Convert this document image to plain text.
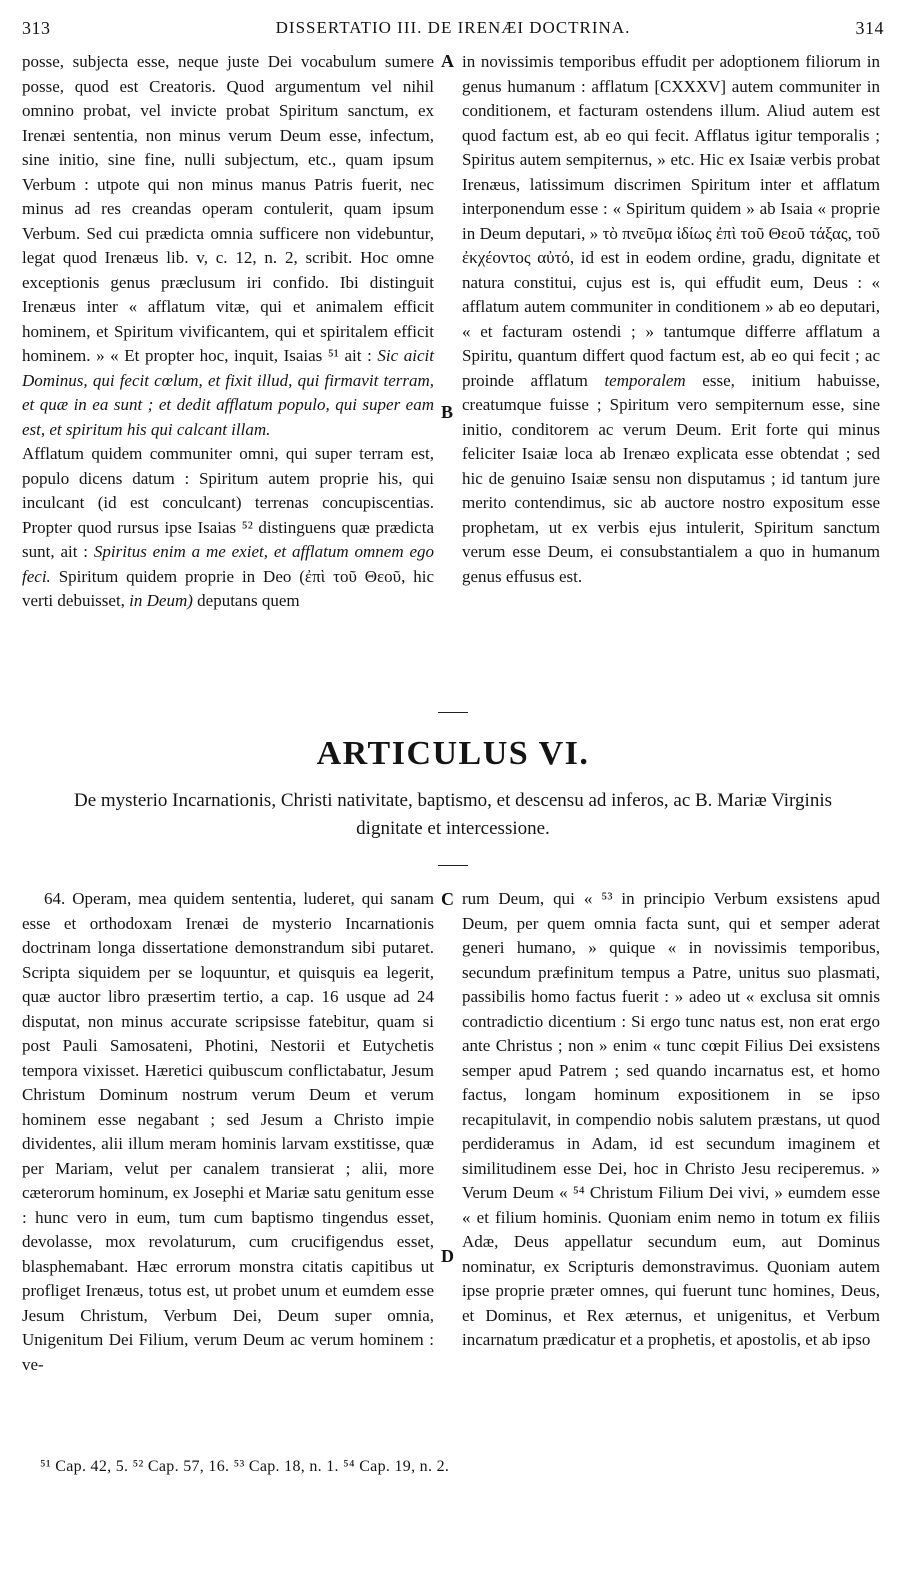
313	DISSERTATIO III. DE IRENÆI DOCTRINA.	314
A
B
C
D

posse, subjecta esse, neque juste Dei vocabulum sumere posse, quod est Creatoris. Quod argumentum vel nihil omnino probat, vel invicte probat Spiritum sanctum, ex Irenæi sententia, non minus verum Deum esse, infectum, sine initio, sine fine, nulli subjectum, etc., quam ipsum Verbum : utpote qui non minus manus Patris fuerit, nec minus ad res creandas operam contulerit, quam ipsum Verbum. Sed cui prædicta omnia sufficere non videbuntur, legat quod Irenæus lib. v, c. 12, n. 2, scribit. Hoc omne exceptionis genus præclusum iri confido. Ibi distinguit Irenæus inter « afflatum vitæ, qui et animalem efficit hominem, et Spiritum vivificantem, qui et spiritalem efficit hominem. » « Et propter hoc, inquit, Isaias ⁵¹ ait : Sic aicit Dominus, qui fecit cœlum, et fixit illud, qui firmavit terram, et quæ in ea sunt ; et dedit afflatum populo, qui super eam est, et spiritum his qui calcant illam.

Afflatum quidem communiter omni, qui super terram est, populo dicens datum : Spiritum autem proprie his, qui inculcant (id est conculcant) terrenas concupiscentias. Propter quod rursus ipse Isaias ⁵² distinguens quæ prædicta sunt, ait : Spiritus enim a me exiet, et afflatum omnem ego feci. Spiritum quidem proprie in Deo (ἐπὶ τοῦ Θεοῦ, hic verti debuisset, in Deum) deputans quem

in novissimis temporibus effudit per adoptionem filiorum in genus humanum : afflatum [CXXXV] autem communiter in conditionem, et facturam ostendens illum. Aliud autem est quod factum est, ab eo qui fecit. Afflatus igitur temporalis ; Spiritus autem sempiternus, » etc. Hic ex Isaiæ verbis probat Irenæus, latissimum discrimen Spiritum inter et afflatum interponendum esse : « Spiritum quidem » ab Isaia « proprie in Deum deputari, » τὸ πνεῦμα ἰδίως ἐπὶ τοῦ Θεοῦ τάξας, τοῦ ἐκχέοντος αὐτό, id est in eodem ordine, gradu, dignitate et natura constitui, cujus est is, qui effudit eum, Deus : « afflatum autem communiter in conditionem » ab eo deputari, « et facturam ostendi ; » tantumque differre afflatum a Spiritu, quantum differt quod factum est, ab eo qui fecit ; ac proinde afflatum temporalem esse, initium habuisse, creatumque fuisse ; Spiritum vero sempiternum esse, sine initio, conditorem ac verum Deum. Erit forte qui minus feliciter Isaiæ loca ab Irenæo explicata esse obtendat ; sed hic de genuino Isaiæ sensu non disputamus ; id tantum jure merito contendimus, sic ab auctore nostro expositum esse prophetam, ut ex verbis ejus intulerit, Spiritum sanctum verum esse Deum, ei consubstantialem a quo in humanum genus effusus est.

ARTICULUS VI.
De mysterio Incarnationis, Christi nativitate, baptismo, et descensu ad inferos, ac B. Mariæ Virginis dignitate et intercessione.

64. Operam, mea quidem sententia, luderet, qui sanam esse et orthodoxam Irenæi de mysterio Incarnationis doctrinam longa dissertatione demonstrandum sibi putaret. Scripta siquidem per se loquuntur, et quisquis ea legerit, quæ auctor libro præsertim tertio, a cap. 16 usque ad 24 disputat, non minus accurate scripsisse fatebitur, quam si post Pauli Samosateni, Photini, Nestorii et Eutychetis tempora vixisset. Hæretici quibuscum conflictabatur, Jesum Christum Dominum nostrum verum Deum et verum hominem esse negabant ; sed Jesum a Christo impie dividentes, alii illum meram hominis larvam exstitisse, quæ per Mariam, velut per canalem transierat ; alii, more cæterorum hominum, ex Josephi et Mariæ satu genitum esse : hunc vero in eum, tum cum baptismo tingendus esset, devolasse, mox revolaturum, cum crucifigendus esset, blasphemabant. Hæc errorum monstra citatis capitibus ut profliget Irenæus, totus est, ut probet unum et eumdem esse Jesum Christum, Verbum Dei, Deum super omnia, Unigenitum Dei Filium, verum Deum ac verum hominem : ve-

rum Deum, qui « ⁵³ in principio Verbum exsistens apud Deum, per quem omnia facta sunt, qui et semper aderat generi humano, » quique « in novissimis temporibus, secundum præfinitum tempus a Patre, unitus suo plasmati, passibilis homo factus fuerit : » adeo ut « exclusa sit omnis contradictio dicentium : Si ergo tunc natus est, non erat ergo ante Christus ; non » enim « tunc cœpit Filius Dei exsistens semper apud Patrem ; sed quando incarnatus est, et homo factus, longam hominum expositionem in se ipso recapitulavit, in compendio nobis salutem præstans, ut quod perdideramus in Adam, id est secundum imaginem et similitudinem esse Dei, hoc in Christo Jesu reciperemus. » Verum Deum « ⁵⁴ Christum Filium Dei vivi, » eumdem esse « et filium hominis. Quoniam enim nemo in totum ex filiis Adæ, Deus appellatur secundum eum, aut Dominus nominatur, ex Scripturis demonstravimus. Quoniam autem ipse proprie præter omnes, qui fuerunt tunc homines, Deus, et Dominus, et Rex æternus, et unigenitus, et Verbum incarnatum prædicatur et a prophetis, et apostolis, et ab ipso

⁵¹ Cap. 42, 5. ⁵² Cap. 57, 16. ⁵³ Cap. 18, n. 1. ⁵⁴ Cap. 19, n. 2.
